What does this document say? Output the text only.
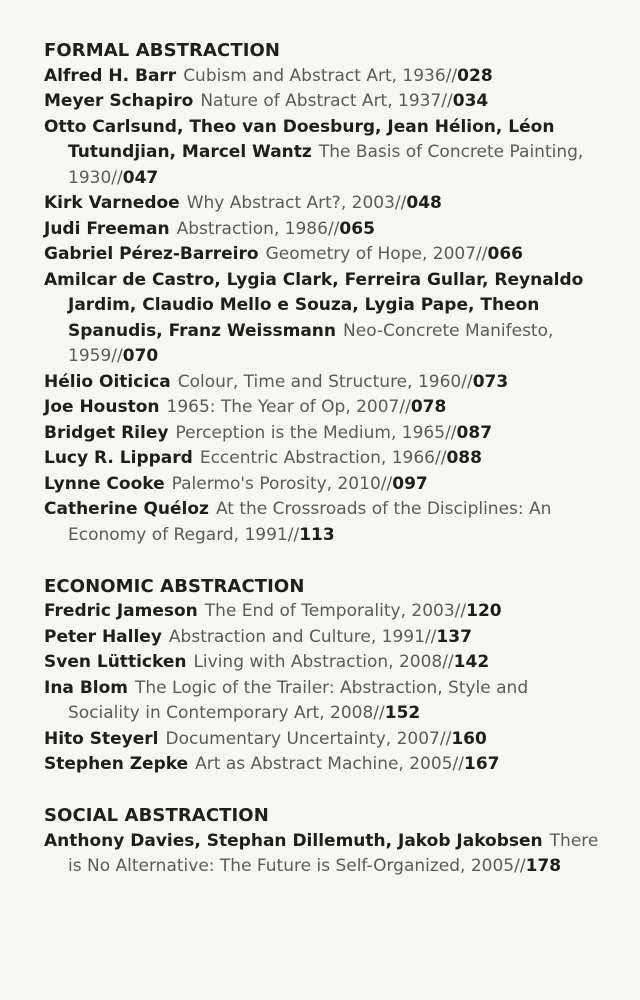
FORMAL ABSTRACTION

Alfred H. Barr Cubism and Abstract Art, 1936//028

Meyer Schapiro Nature of Abstract Art, 1937//034

Otto Carlsund, Theo van Doesburg, Jean Hélion, Léon Tutundjian, Marcel Wantz The Basis of Concrete Painting, 1930//047

Kirk Varnedoe Why Abstract Art?, 2003//048

Judi Freeman Abstraction, 1986//065

Gabriel Pérez-Barreiro Geometry of Hope, 2007//066

Amilcar de Castro, Lygia Clark, Ferreira Gullar, Reynaldo Jardim, Claudio Mello e Souza, Lygia Pape, Theon Spanudis, Franz Weissmann Neo-Concrete Manifesto, 1959//070

Hélio Oiticica Colour, Time and Structure, 1960//073

Joe Houston 1965: The Year of Op, 2007//078

Bridget Riley Perception is the Medium, 1965//087

Lucy R. Lippard Eccentric Abstraction, 1966//088

Lynne Cooke Palermo's Porosity, 2010//097

Catherine Quéloz At the Crossroads of the Disciplines: An Economy of Regard, 1991//113

ECONOMIC ABSTRACTION

Fredric Jameson The End of Temporality, 2003//120

Peter Halley Abstraction and Culture, 1991//137

Sven Lütticken Living with Abstraction, 2008//142

Ina Blom The Logic of the Trailer: Abstraction, Style and Sociality in Contemporary Art, 2008//152

Hito Steyerl Documentary Uncertainty, 2007//160

Stephen Zepke Art as Abstract Machine, 2005//167

SOCIAL ABSTRACTION

Anthony Davies, Stephan Dillemuth, Jakob Jakobsen There is No Alternative: The Future is Self-Organized, 2005//178
